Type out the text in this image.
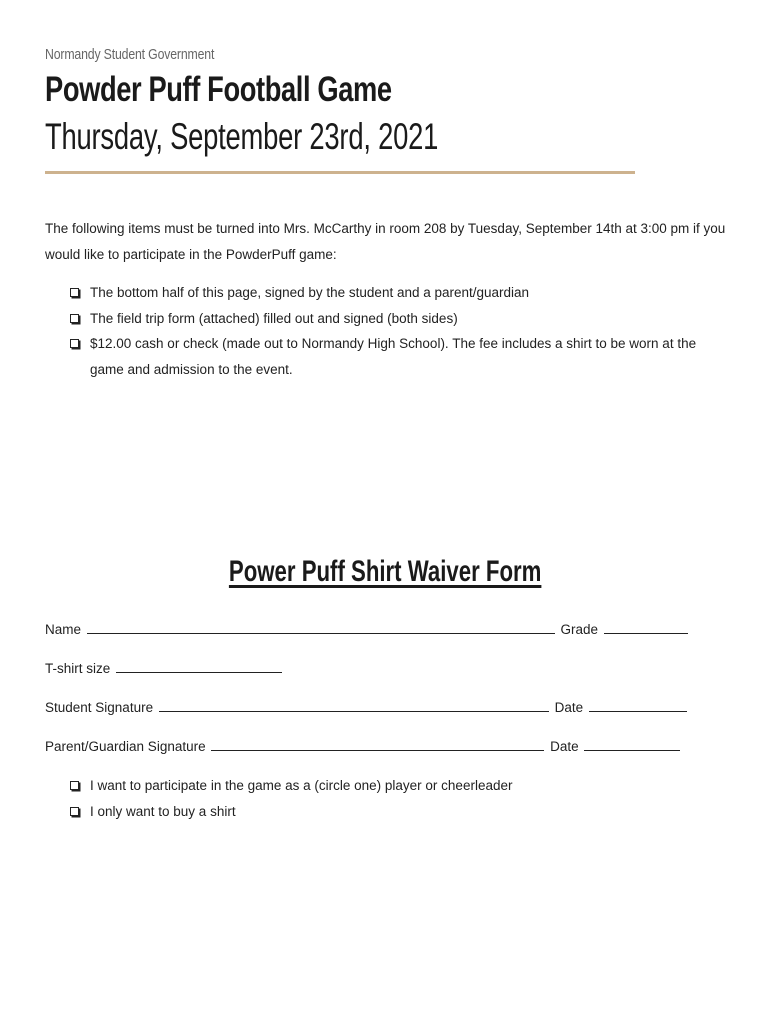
Normandy Student Government
Powder Puff Football Game
Thursday, September 23rd, 2021
The following items must be turned into Mrs. McCarthy in room 208 by Tuesday, September 14th at 3:00 pm if you would like to participate in the PowderPuff game:
The bottom half of this page, signed by the student and a parent/guardian
The field trip form (attached) filled out and signed (both sides)
$12.00 cash or check (made out to Normandy High School). The fee includes a shirt to be worn at the game and admission to the event.
Power Puff Shirt Waiver Form
Name	Grade
T-shirt size
Student Signature	Date
Parent/Guardian Signature	Date
I want to participate in the game as a (circle one) player or cheerleader
I only want to buy a shirt
